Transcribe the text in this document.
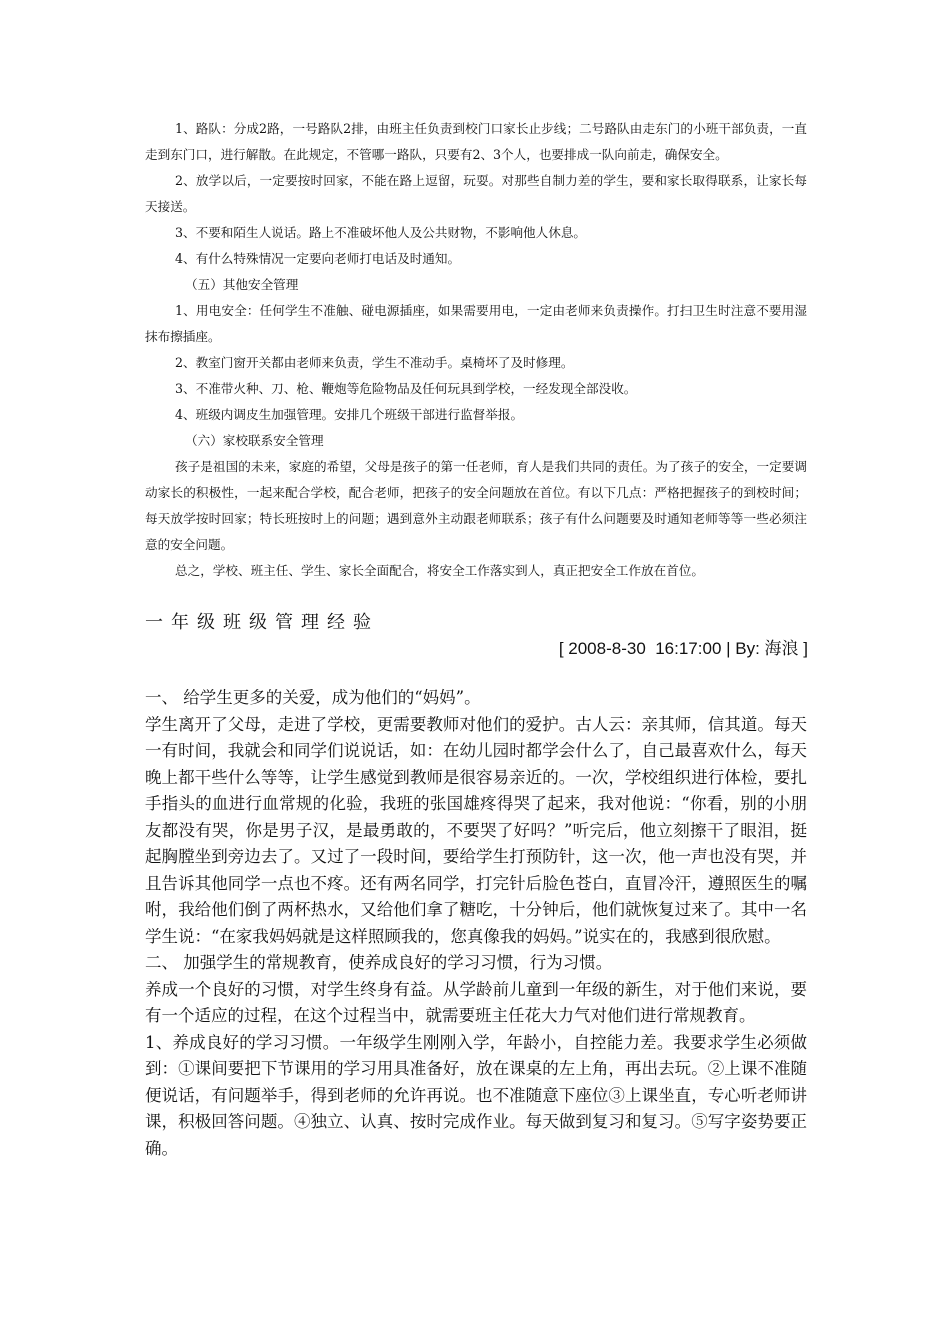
1、路队：分成2路，一号路队2排，由班主任负责到校门口家长止步线；二号路队由走东门的小班干部负责，一直走到东门口，进行解散。在此规定，不管哪一路队，只要有2、3个人，也要排成一队向前走，确保安全。

2、放学以后，一定要按时回家，不能在路上逗留，玩耍。对那些自制力差的学生，要和家长取得联系，让家长每天接送。

3、不要和陌生人说话。路上不准破坏他人及公共财物，不影响他人休息。

4、有什么特殊情况一定要向老师打电话及时通知。

（五）其他安全管理

1、用电安全：任何学生不准触、碰电源插座，如果需要用电，一定由老师来负责操作。打扫卫生时注意不要用湿抹布擦插座。

2、教室门窗开关都由老师来负责，学生不准动手。桌椅坏了及时修理。

3、不准带火种、刀、枪、鞭炮等危险物品及任何玩具到学校，一经发现全部没收。

4、班级内调皮生加强管理。安排几个班级干部进行监督举报。

（六）家校联系安全管理

孩子是祖国的未来，家庭的希望，父母是孩子的第一任老师，育人是我们共同的责任。为了孩子的安全，一定要调动家长的积极性，一起来配合学校，配合老师，把孩子的安全问题放在首位。有以下几点：严格把握孩子的到校时间；每天放学按时回家；特长班按时上的问题；遇到意外主动跟老师联系；孩子有什么问题要及时通知老师等等一些必须注意的安全问题。

总之，学校、班主任、学生、家长全面配合，将安全工作落实到人，真正把安全工作放在首位。

一年级班级管理经验
[ 2008-8-30  16:17:00 | By: 海浪 ]

一、 给学生更多的关爱，成为他们的“妈妈”。

学生离开了父母，走进了学校，更需要教师对他们的爱护。古人云：亲其师，信其道。每天一有时间，我就会和同学们说说话，如：在幼儿园时都学会什么了，自己最喜欢什么，每天晚上都干些什么等等，让学生感觉到教师是很容易亲近的。一次，学校组织进行体检，要扎手指头的血进行血常规的化验，我班的张国雄疼得哭了起来，我对他说：“你看，别的小朋友都没有哭，你是男子汉，是最勇敢的，不要哭了好吗？”听完后，他立刻擦干了眼泪，挺起胸膛坐到旁边去了。又过了一段时间，要给学生打预防针，这一次，他一声也没有哭，并且告诉其他同学一点也不疼。还有两名同学，打完针后脸色苍白，直冒冷汗，遵照医生的嘱咐，我给他们倒了两杯热水，又给他们拿了糖吃，十分钟后，他们就恢复过来了。其中一名学生说：“在家我妈妈就是这样照顾我的，您真像我的妈妈。”说实在的，我感到很欣慰。

二、 加强学生的常规教育，使养成良好的学习习惯，行为习惯。

养成一个良好的习惯，对学生终身有益。从学龄前儿童到一年级的新生，对于他们来说，要有一个适应的过程，在这个过程当中，就需要班主任花大力气对他们进行常规教育。

1、养成良好的学习习惯。一年级学生刚刚入学，年龄小，自控能力差。我要求学生必须做到：①课间要把下节课用的学习用具准备好，放在课桌的左上角，再出去玩。②上课不准随便说话，有问题举手，得到老师的允许再说。也不准随意下座位③上课坐直，专心听老师讲课，积极回答问题。④独立、认真、按时完成作业。每天做到复习和复习。⑤写字姿势要正确。
